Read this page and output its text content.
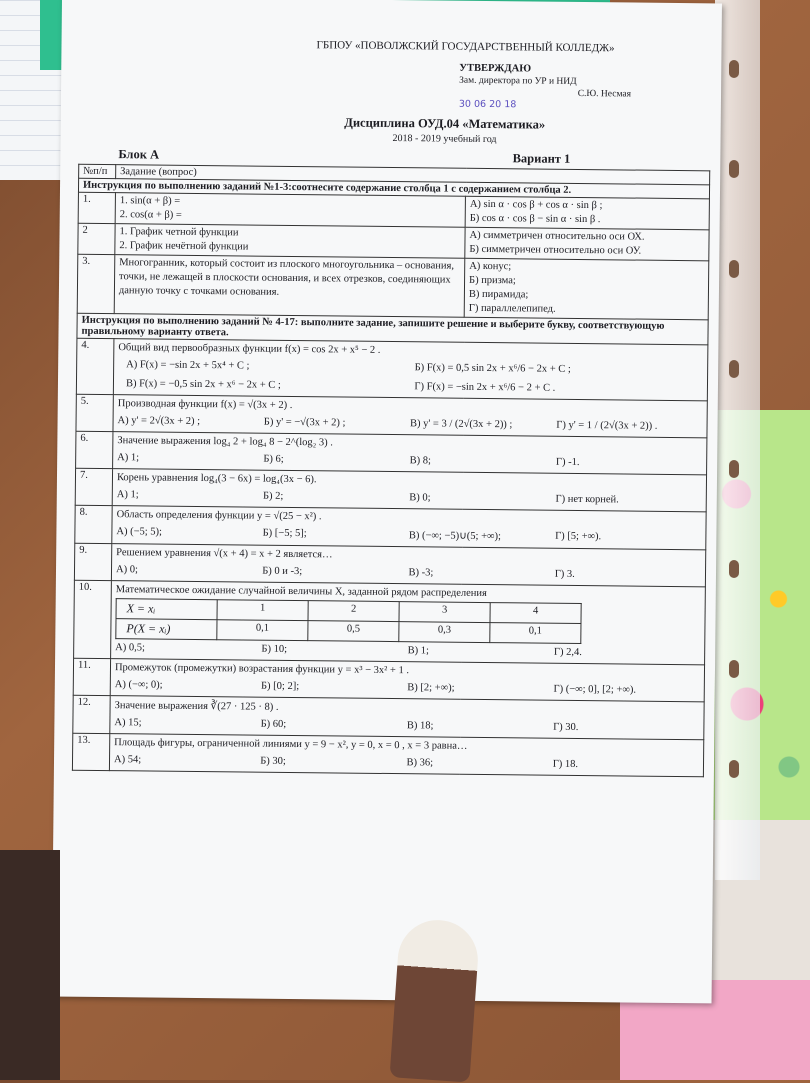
ГБПОУ «ПОВОЛЖСКИЙ ГОСУДАРСТВЕННЫЙ КОЛЛЕДЖ»
УТВЕРЖДАЮ
Зам. директора по УР и НИД
С.Ю. Несмая
30 06 20 18
Дисциплина ОУД.04 «Математика»
2018 - 2019 учебный год
Блок А	Вариант 1
№п/п	Задание (вопрос)
Инструкция по выполнению заданий №1-3:соотнесите содержание столбца 1 с содержанием столбца 2.
1.	1. sin(α + β) =
2. cos(α + β) =

А) sin α · cos β + cos α · sin β ;
Б) cos α · cos β − sin α · sin β .

2	1. График четной функции
2. График нечётной функции

А) симметричен относительно оси ОХ.
Б) симметричен относительно оси ОУ.

3.	Многогранник, который состоит из плоского многоугольника – основания, точки, не лежащей в плоскости основания, и всех отрезков, соединяющих данную точку с точками основания.

А) конус;
Б) призма;
В) пирамида;
Г) параллелепипед.

Инструкция по выполнению заданий № 4-17: выполните задание, запишите решение и выберите букву, соответствующую правильному варианту ответа.
4.	Общий вид первообразных функции f(x) = cos 2x + x⁵ − 2 .
А) F(x) = −sin 2x + 5x⁴ + C ;	Б) F(x) = 0,5 sin 2x + x⁶/6 − 2x + C ;
В) F(x) = −0,5 sin 2x + x⁶ − 2x + C ;	Г) F(x) = −sin 2x + x⁶/6 − 2 + C .

5.	Производная функции f(x) = √(3x + 2) .
А) y' = 2√(3x + 2) ;	Б) y' = −√(3x + 2) ;	В) y' = 3 / (2√(3x + 2)) ;	Г) y' = 1 / (2√(3x + 2)) .

6.	Значение выражения log₄ 2 + log₄ 8 − 2^(log₂ 3) .
А) 1;	Б) 6;	В) 8;	Г) -1.

7.	Корень уравнения log₄(3 − 6x) = log₄(3x − 6).
А) 1;	Б) 2;	В) 0;	Г) нет корней.

8.	Область определения функции y = √(25 − x²) .
А) (−5; 5);	Б) [−5; 5];	В) (−∞; −5)∪(5; +∞);	Г) [5; +∞).

9.	Решением уравнения √(x + 4) = x + 2 является…
А) 0;	Б) 0 и -3;	В) -3;	Г) 3.

10.	Математическое ожидание случайной величины X, заданной рядом распределения
X = xᵢ	1	2	3	4
P(X = xᵢ)	0,1	0,5	0,3	0,1
А) 0,5;	Б) 10;	В) 1;	Г) 2,4.

11.	Промежуток (промежутки) возрастания функции y = x³ − 3x² + 1 .
А) (−∞; 0);	Б) [0; 2];	В) [2; +∞);	Г) (−∞; 0], [2; +∞).

12.	Значение выражения ∛(27 · 125 · 8) .
А) 15;	Б) 60;	В) 18;	Г) 30.

13.	Площадь фигуры, ограниченной линиями y = 9 − x², y = 0, x = 0 , x = 3 равна…
А) 54;	Б) 30;	В) 36;	Г) 18.
